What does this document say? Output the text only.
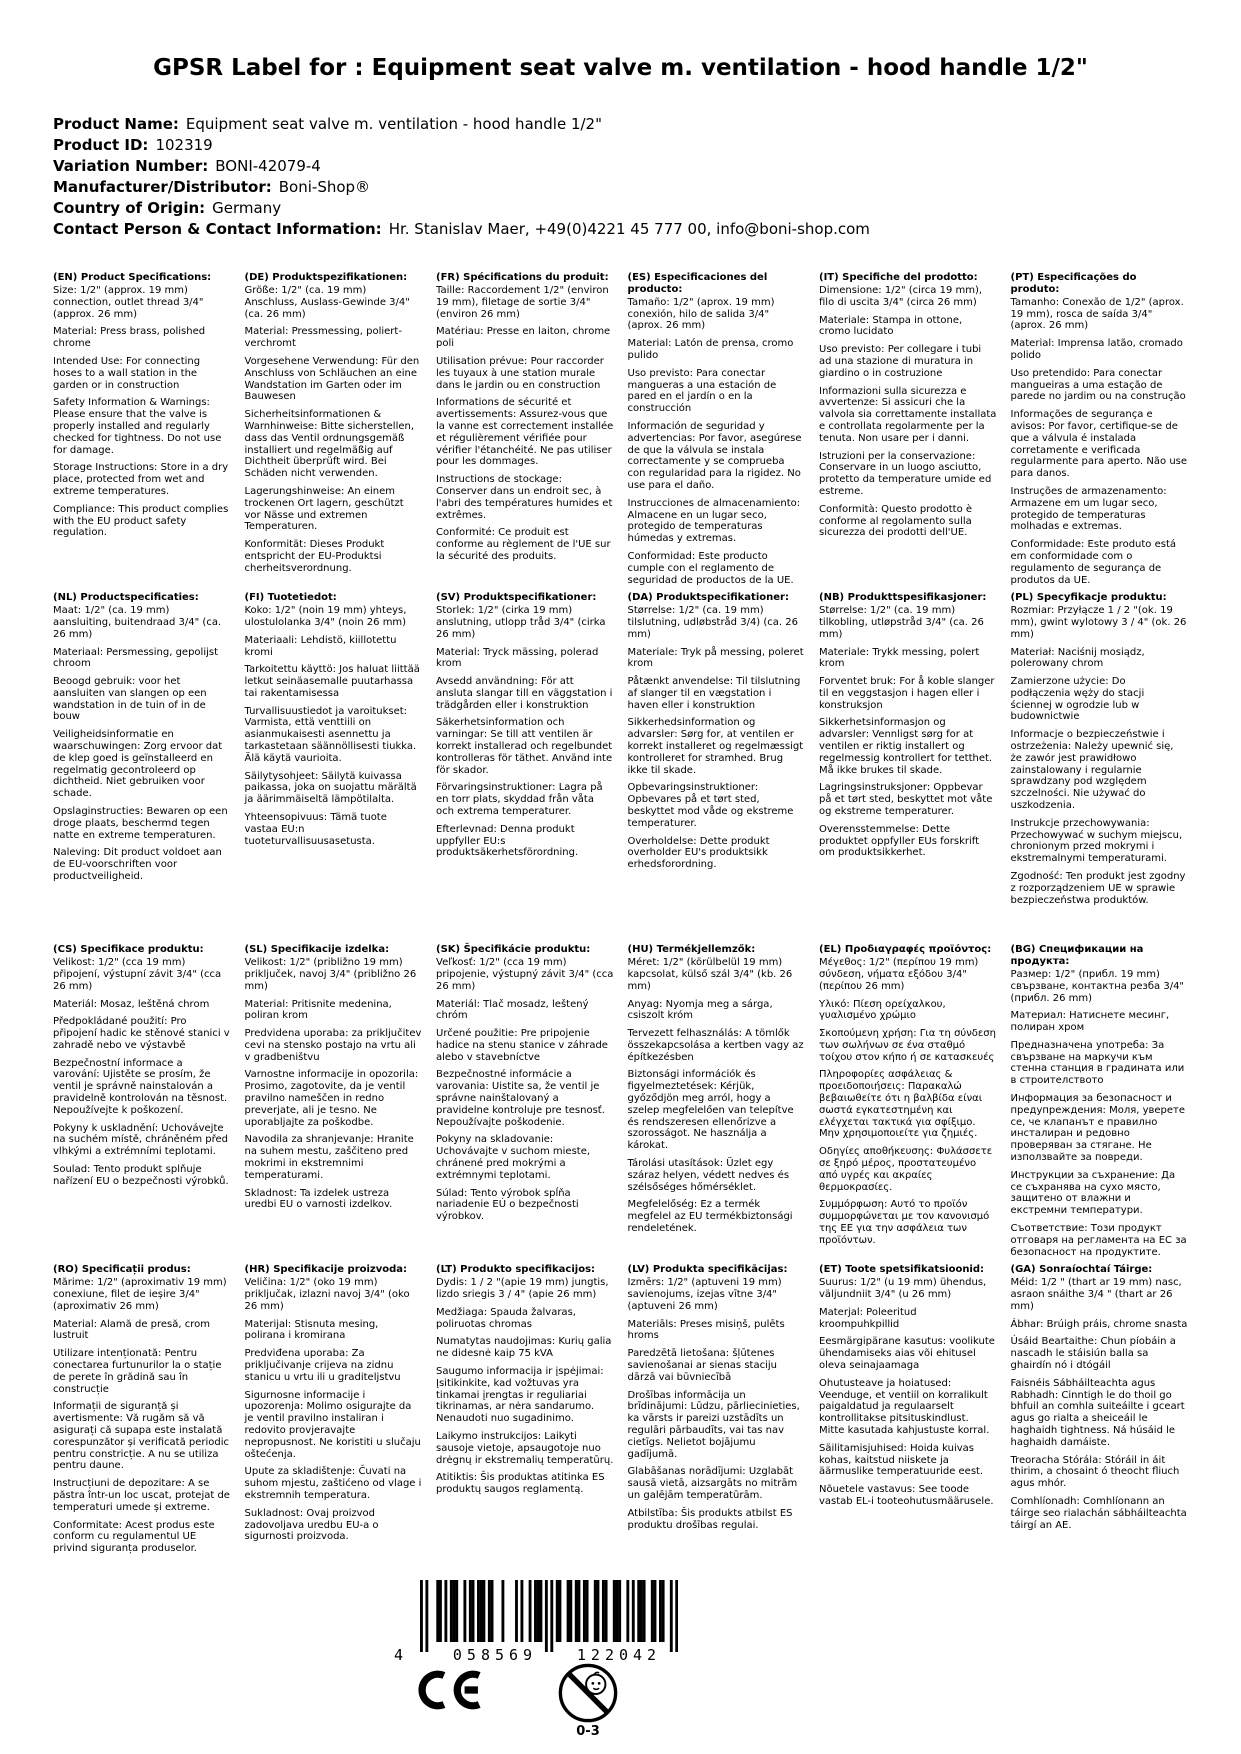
GPSR Label for : Equipment seat valve m. ventilation - hood handle 1/2"
Product Name: Equipment seat valve m. ventilation - hood handle 1/2"
Product ID: 102319
Variation Number: BONI-42079-4
Manufacturer/Distributor: Boni-Shop®
Country of Origin: Germany
Contact Person & Contact Information: Hr. Stanislav Maer, +49(0)4221 45 777 00, info@boni-shop.com
(EN) Product Specifications:

Size: 1/2" (approx. 19 mm) connection, outlet thread 3/4" (approx. 26 mm)

Material: Press brass, polished chrome

Intended Use: For connecting hoses to a wall station in the garden or in construction

Safety Information & Warnings: Please ensure that the valve is properly installed and regularly checked for tightness. Do not use for damage.

Storage Instructions: Store in a dry place, protected from wet and extreme temperatures.

Compliance: This product complies with the EU product safety regulation.

(DE) Produktspezifikationen:

Größe: 1/2" (ca. 19 mm) Anschluss, Auslass-Gewinde 3/4" (ca. 26 mm)

Material: Pressmessing, poliert-verchromt

Vorgesehene Verwendung: Für den Anschluss von Schläuchen an eine Wandstation im Garten oder im Bauwesen

Sicherheitsinformationen & Warnhinweise: Bitte sicherstellen, dass das Ventil ordnungsgemäß installiert und regelmäßig auf Dichtheit überprüft wird. Bei Schäden nicht verwenden.

Lagerungshinweise: An einem trockenen Ort lagern, geschützt vor Nässe und extremen Temperaturen.

Konformität: Dieses Produkt entspricht der EU-Produktsi cherheitsverordnung.

(FR) Spécifications du produit:

Taille: Raccordement 1/2" (environ 19 mm), filetage de sortie 3/4" (environ 26 mm)

Matériau: Presse en laiton, chrome poli

Utilisation prévue: Pour raccorder les tuyaux à une station murale dans le jardin ou en construction

Informations de sécurité et avertissements: Assurez-vous que la vanne est correctement installée et régulièrement vérifiée pour vérifier l'étanchéité. Ne pas utiliser pour les dommages.

Instructions de stockage: Conserver dans un endroit sec, à l'abri des températures humides et extrêmes.

Conformité: Ce produit est conforme au règlement de l'UE sur la sécurité des produits.

(ES) Especificaciones del producto:

Tamaño: 1/2" (aprox. 19 mm) conexión, hilo de salida 3/4" (aprox. 26 mm)

Material: Latón de prensa, cromo pulido

Uso previsto: Para conectar mangueras a una estación de pared en el jardín o en la construcción

Información de seguridad y advertencias: Por favor, asegúrese de que la válvula se instala correctamente y se comprueba con regularidad para la rigidez. No use para el daño.

Instrucciones de almacenamiento: Almacene en un lugar seco, protegido de temperaturas húmedas y extremas.

Conformidad: Este producto cumple con el reglamento de seguridad de productos de la UE.

(IT) Specifiche del prodotto:

Dimensione: 1/2" (circa 19 mm), filo di uscita 3/4" (circa 26 mm)

Materiale: Stampa in ottone, cromo lucidato

Uso previsto: Per collegare i tubi ad una stazione di muratura in giardino o in costruzione

Informazioni sulla sicurezza e avvertenze: Si assicuri che la valvola sia correttamente installata e controllata regolarmente per la tenuta. Non usare per i danni.

Istruzioni per la conservazione: Conservare in un luogo asciutto, protetto da temperature umide ed estreme.

Conformità: Questo prodotto è conforme al regolamento sulla sicurezza dei prodotti dell'UE.

(PT) Especificações do produto:

Tamanho: Conexão de 1/2" (aprox. 19 mm), rosca de saída 3/4" (aprox. 26 mm)

Material: Imprensa latão, cromado polido

Uso pretendido: Para conectar mangueiras a uma estação de parede no jardim ou na construção

Informações de segurança e avisos: Por favor, certifique-se de que a válvula é instalada corretamente e verificada regularmente para aperto. Não use para danos.

Instruções de armazenamento: Armazene em um lugar seco, protegido de temperaturas molhadas e extremas.

Conformidade: Este produto está em conformidade com o regulamento de segurança de produtos da UE.

(NL) Productspecificaties:

Maat: 1/2" (ca. 19 mm) aansluiting, buitendraad 3/4" (ca. 26 mm)

Materiaal: Persmessing, gepolijst chroom

Beoogd gebruik: voor het aansluiten van slangen op een wandstation in de tuin of in de bouw

Veiligheidsinformatie en waarschuwingen: Zorg ervoor dat de klep goed is geïnstalleerd en regelmatig gecontroleerd op dichtheid. Niet gebruiken voor schade.

Opslaginstructies: Bewaren op een droge plaats, beschermd tegen natte en extreme temperaturen.

Naleving: Dit product voldoet aan de EU-voorschriften voor productveiligheid.

(FI) Tuotetiedot:

Koko: 1/2" (noin 19 mm) yhteys, ulostulolanka 3/4" (noin 26 mm)

Materiaali: Lehdistö, kiillotettu kromi

Tarkoitettu käyttö: Jos haluat liittää letkut seinäasemalle puutarhassa tai rakentamisessa

Turvallisuustiedot ja varoitukset: Varmista, että venttiili on asianmukaisesti asennettu ja tarkastetaan säännöllisesti tiukka. Älä käytä vaurioita.

Säilytysohjeet: Säilytä kuivassa paikassa, joka on suojattu märältä ja äärimmäiseltä lämpötilalta.

Yhteensopivuus: Tämä tuote vastaa EU:n tuoteturvallisuusasetusta.

(SV) Produktspecifikationer:

Storlek: 1/2" (cirka 19 mm) anslutning, utlopp tråd 3/4" (cirka 26 mm)

Material: Tryck mässing, polerad krom

Avsedd användning: För att ansluta slangar till en väggstation i trädgården eller i konstruktion

Säkerhetsinformation och varningar: Se till att ventilen är korrekt installerad och regelbundet kontrolleras för täthet. Använd inte för skador.

Förvaringsinstruktioner: Lagra på en torr plats, skyddad från våta och extrema temperaturer.

Efterlevnad: Denna produkt uppfyller EU:s produktsäkerhetsförordning.

(DA) Produktspecifikationer:

Størrelse: 1/2" (ca. 19 mm) tilslutning, udløbstråd 3/4) (ca. 26 mm)

Materiale: Tryk på messing, poleret krom

Påtænkt anvendelse: Til tilslutning af slanger til en vægstation i haven eller i konstruktion

Sikkerhedsinformation og advarsler: Sørg for, at ventilen er korrekt installeret og regelmæssigt kontrolleret for stramhed. Brug ikke til skade.

Opbevaringsinstruktioner: Opbevares på et tørt sted, beskyttet mod våde og ekstreme temperaturer.

Overholdelse: Dette produkt overholder EU's produktsikk erhedsforordning.

(NB) Produkttspesifikasjoner:

Størrelse: 1/2" (ca. 19 mm) tilkobling, utløpstråd 3/4" (ca. 26 mm)

Materiale: Trykk messing, polert krom

Forventet bruk: For å koble slanger til en veggstasjon i hagen eller i konstruksjon

Sikkerhetsinformasjon og advarsler: Vennligst sørg for at ventilen er riktig installert og regelmessig kontrollert for tetthet. Må ikke brukes til skade.

Lagringsinstruksjoner: Oppbevar på et tørt sted, beskyttet mot våte og ekstreme temperaturer.

Overensstemmelse: Dette produktet oppfyller EUs forskrift om produktsikkerhet.

(PL) Specyfikacje produktu:

Rozmiar: Przyłącze 1 / 2 "(ok. 19 mm), gwint wylotowy 3 / 4" (ok. 26 mm)

Materiał: Naciśnij mosiądz, polerowany chrom

Zamierzone użycie: Do podłączenia węży do stacji ściennej w ogrodzie lub w budownictwie

Informacje o bezpieczeństwie i ostrzeżenia: Należy upewnić się, że zawór jest prawidłowo zainstalowany i regularnie sprawdzany pod względem szczelności. Nie używać do uszkodzenia.

Instrukcje przechowywania: Przechowywać w suchym miejscu, chronionym przed mokrymi i ekstremalnymi temperaturami.

Zgodność: Ten produkt jest zgodny z rozporządzeniem UE w sprawie bezpieczeństwa produktów.

(CS) Specifikace produktu:

Velikost: 1/2" (cca 19 mm) připojení, výstupní závit 3/4" (cca 26 mm)

Materiál: Mosaz, leštěná chrom

Předpokládané použití: Pro připojení hadic ke stěnové stanici v zahradě nebo ve výstavbě

Bezpečnostní informace a varování: Ujistěte se prosím, že ventil je správně nainstalován a pravidelně kontrolován na těsnost. Nepoužívejte k poškození.

Pokyny k uskladnění: Uchovávejte na suchém místě, chráněném před vlhkými a extrémními teplotami.

Soulad: Tento produkt splňuje nařízení EU o bezpečnosti výrobků.

(SL) Specifikacije izdelka:

Velikost: 1/2" (približno 19 mm) priključek, navoj 3/4" (približno 26 mm)

Material: Pritisnite medenina, poliran krom

Predvidena uporaba: za priključitev cevi na stensko postajo na vrtu ali v gradbeništvu

Varnostne informacije in opozorila: Prosimo, zagotovite, da je ventil pravilno nameščen in redno preverjate, ali je tesno. Ne uporabljajte za poškodbe.

Navodila za shranjevanje: Hranite na suhem mestu, zaščiteno pred mokrimi in ekstremnimi temperaturami.

Skladnost: Ta izdelek ustreza uredbi EU o varnosti izdelkov.

(SK) Špecifikácie produktu:

Veľkosť: 1/2" (cca 19 mm) pripojenie, výstupný závit 3/4" (cca 26 mm)

Materiál: Tlač mosadz, leštený chróm

Určené použitie: Pre pripojenie hadice na stenu stanice v záhrade alebo v stavebníctve

Bezpečnostné informácie a varovania: Uistite sa, že ventil je správne nainštalovaný a pravidelne kontroluje pre tesnosť. Nepoužívajte poškodenie.

Pokyny na skladovanie: Uchovávajte v suchom mieste, chránené pred mokrými a extrémnymi teplotami.

Súlad: Tento výrobok spĺňa nariadenie EÚ o bezpečnosti výrobkov.

(HU) Termékjellemzők:

Méret: 1/2" (körülbelül 19 mm) kapcsolat, külső szál 3/4" (kb. 26 mm)

Anyag: Nyomja meg a sárga, csiszolt króm

Tervezett felhasználás: A tömlők összekapcsolása a kertben vagy az építkezésben

Biztonsági információk és figyelmeztetések: Kérjük, győződjön meg arról, hogy a szelep megfelelően van telepítve és rendszeresen ellenőrizve a szorosságot. Ne használja a károkat.

Tárolási utasítások: Üzlet egy száraz helyen, védett nedves és szélsőséges hőmérséklet.

Megfelelőség: Ez a termék megfelel az EU termékbiztonsági rendeletének.

(EL) Προδιαγραφές προϊόντος:

Μέγεθος: 1/2" (περίπου 19 mm) σύνδεση, νήματα εξόδου 3/4" (περίπου 26 mm)

Υλικό: Πίεση ορείχαλκου, γυαλισμένο χρώμιο

Σκοπούμενη χρήση: Για τη σύνδεση των σωλήνων σε ένα σταθμό τοίχου στον κήπο ή σε κατασκευές

Πληροφορίες ασφάλειας & προειδοποιήσεις: Παρακαλώ βεβαιωθείτε ότι η βαλβίδα είναι σωστά εγκατεστημένη και ελέγχεται τακτικά για σφίξιμο. Μην χρησιμοποιείτε για ζημιές.

Οδηγίες αποθήκευσης: Φυλάσσετε σε ξηρό μέρος, προστατευμένο από υγρές και ακραίες θερμοκρασίες.

Συμμόρφωση: Αυτό το προϊόν συμμορφώνεται με τον κανονισμό της ΕΕ για την ασφάλεια των προϊόντων.

(BG) Спецификации на продукта:

Размер: 1/2" (прибл. 19 mm) свързване, контактна резба 3/4" (прибл. 26 mm)

Материал: Натиснете месинг, полиран хром

Предназначена употреба: За свързване на маркучи към стенна станция в градината или в строителството

Информация за безопасност и предупреждения: Моля, уверете се, че клапанът е правилно инсталиран и редовно проверяван за стягане. Не използвайте за повреди.

Инструкции за съхранение: Да се съхранява на сухо място, защитено от влажни и екстремни температури.

Съответствие: Този продукт отговаря на регламента на ЕС за безопасност на продуктите.

(RO) Specificații produs:

Mărime: 1/2" (aproximativ 19 mm) conexiune, filet de ieșire 3/4" (aproximativ 26 mm)

Material: Alamă de presă, crom lustruit

Utilizare intenționată: Pentru conectarea furtunurilor la o stație de perete în grădină sau în construcție

Informații de siguranță și avertismente: Vă rugăm să vă asigurați că supapa este instalată corespunzător și verificată periodic pentru constricție. A nu se utiliza pentru daune.

Instrucțiuni de depozitare: A se păstra într-un loc uscat, protejat de temperaturi umede și extreme.

Conformitate: Acest produs este conform cu regulamentul UE privind siguranța produselor.

(HR) Specifikacije proizvoda:

Veličina: 1/2" (oko 19 mm) priključak, izlazni navoj 3/4" (oko 26 mm)

Materijal: Stisnuta mesing, polirana i kromirana

Predviđena uporaba: Za priključivanje crijeva na zidnu stanicu u vrtu ili u graditeljstvu

Sigurnosne informacije i upozorenja: Molimo osigurajte da je ventil pravilno instaliran i redovito provjeravajte nepropusnost. Ne koristiti u slučaju oštećenja.

Upute za skladištenje: Čuvati na suhom mjestu, zaštićeno od vlage i ekstremnih temperatura.

Sukladnost: Ovaj proizvod zadovoljava uredbu EU-a o sigurnosti proizvoda.

(LT) Produkto specifikacijos:

Dydis: 1 / 2 "(apie 19 mm) jungtis, lizdo sriegis 3 / 4" (apie 26 mm)

Medžiaga: Spauda žalvaras, poliruotas chromas

Numatytas naudojimas: Kurių galia ne didesnė kaip 75 kVA

Saugumo informacija ir įspėjimai: Įsitikinkite, kad vožtuvas yra tinkamai įrengtas ir reguliariai tikrinamas, ar nėra sandarumo. Nenaudoti nuo sugadinimo.

Laikymo instrukcijos: Laikyti sausoje vietoje, apsaugotoje nuo drėgnų ir ekstremalių temperatūrų.

Atitiktis: Šis produktas atitinka ES produktų saugos reglamentą.

(LV) Produkta specifikācijas:

Izmērs: 1/2" (aptuveni 19 mm) savienojums, izejas vītne 3/4" (aptuveni 26 mm)

Materiāls: Preses misiņš, pulēts hroms

Paredzētā lietošana: šļūtenes savienošanai ar sienas staciju dārzā vai būvniecībā

Drošības informācija un brīdinājumi: Lūdzu, pārliecinieties, ka vārsts ir pareizi uzstādīts un regulāri pārbaudīts, vai tas nav cietīgs. Nelietot bojājumu gadījumā.

Glabāšanas norādījumi: Uzglabāt sausā vietā, aizsargāts no mitrām un galējām temperatūrām.

Atbilstība: Šis produkts atbilst ES produktu drošības regulai.

(ET) Toote spetsifikatsioonid:

Suurus: 1/2" (u 19 mm) ühendus, väljundniit 3/4" (u 26 mm)

Materjal: Poleeritud kroompuhkpillid

Eesmärgipärane kasutus: voolikute ühendamiseks aias või ehitusel oleva seinajaamaga

Ohutusteave ja hoiatused: Veenduge, et ventiil on korralikult paigaldatud ja regulaarselt kontrollitakse pitsituskindlust. Mitte kasutada kahjustuste korral.

Säilitamisjuhised: Hoida kuivas kohas, kaitstud niiskete ja äärmuslike temperatuuride eest.

Nõuetele vastavus: See toode vastab EL-i tooteohutusmäärusele.

(GA) Sonraíochtaí Táirge:

Méid: 1/2 " (thart ar 19 mm) nasc, asraon snáithe 3/4 " (thart ar 26 mm)

Ábhar: Brúigh práis, chrome snasta

Úsáid Beartaithe: Chun píobáin a nascadh le stáisiún balla sa ghairdín nó i dtógáil

Faisnéis Sábháilteachta agus Rabhadh: Cinntigh le do thoil go bhfuil an comhla suiteáilte i gceart agus go rialta a sheiceáil le haghaidh tightness. Ná húsáid le haghaidh damáiste.

Treoracha Stórála: Stóráil in áit thirim, a chosaint ó theocht fliuch agus mhór.

Comhlíonadh: Comhlíonann an táirge seo rialachán sábháilteachta táirgí an AE.

4	058569	122042
0-3
